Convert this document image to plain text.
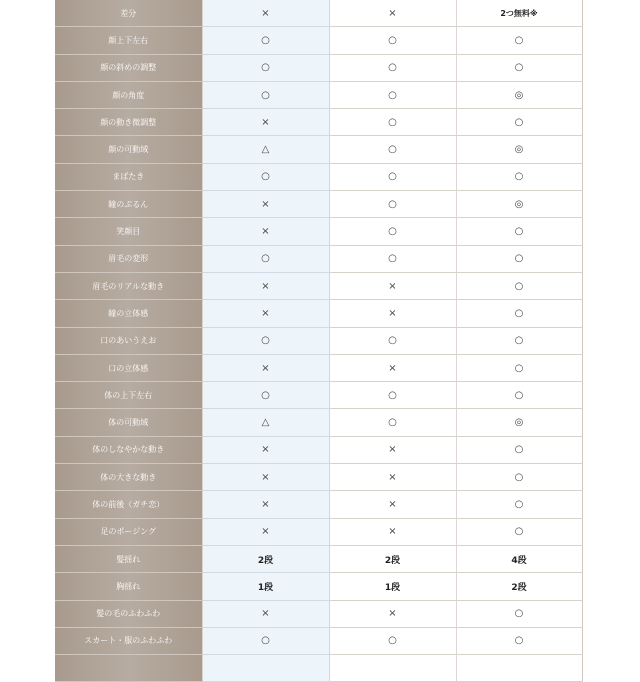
差分	×	×	2つ無料※
顔上下左右	○	○	○
顔の斜めの調整	○	○	○
顔の角度	○	○	◎
顔の動き微調整	×	○	○
顔の可動域	△	○	◎
まばたき	○	○	○
瞳のぷるん	×	○	◎
笑顔目	×	○	○
眉毛の変形	○	○	○
眉毛のリアルな動き	×	×	○
瞳の立体感	×	×	○
口のあいうえお	○	○	○
口の立体感	×	×	○
体の上下左右	○	○	○
体の可動域	△	○	◎
体のしなやかな動き	×	×	○
体の大きな動き	×	×	○
体の前後（ガチ恋）	×	×	○
足のポージング	×	×	○
髪揺れ	2段	2段	4段
胸揺れ	1段	1段	2段
髪の毛のふわふわ	×	×	○
スカート・服のふわふわ	○	○	○
